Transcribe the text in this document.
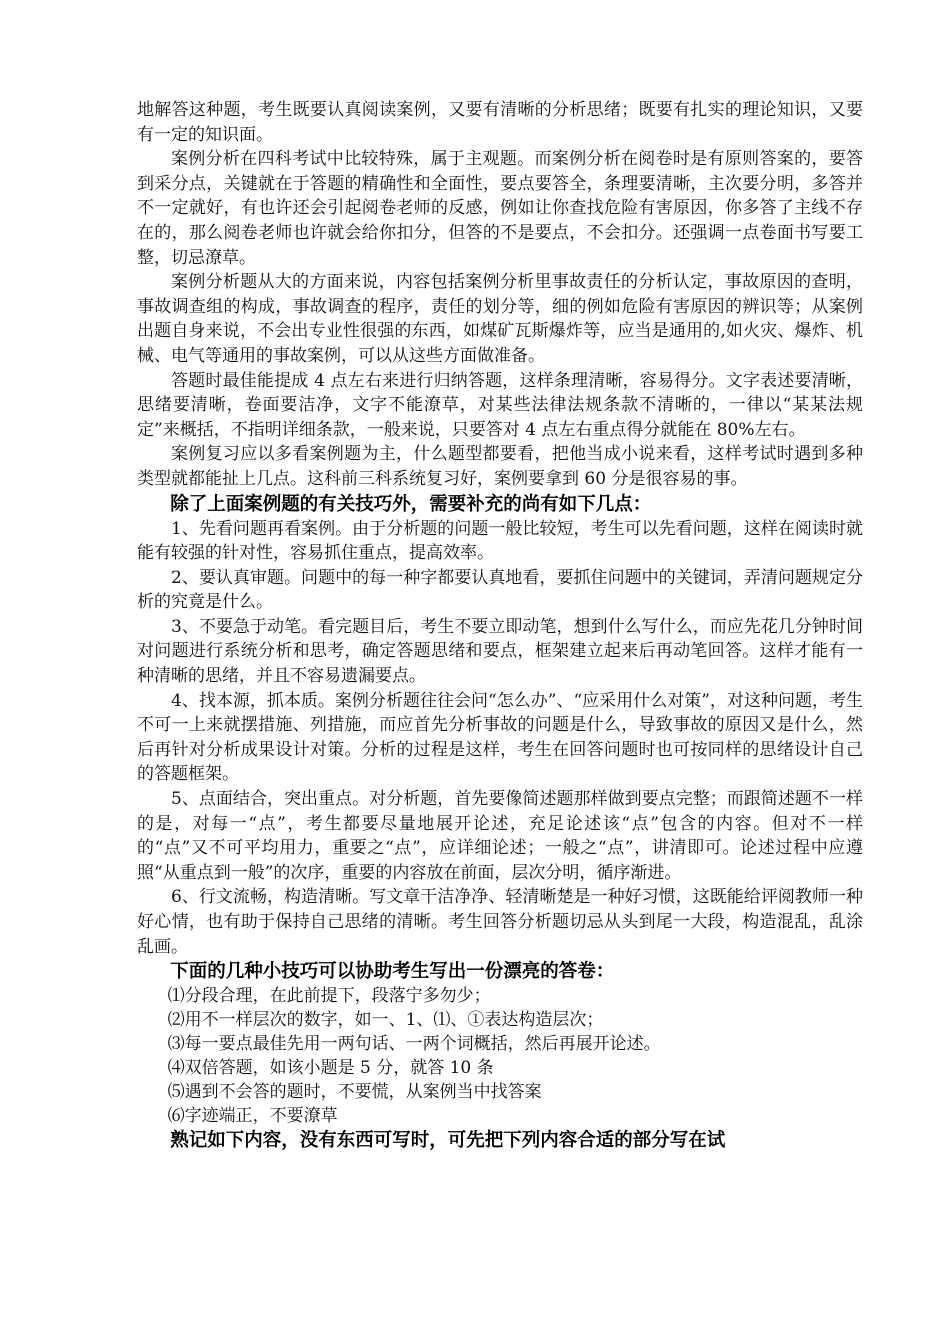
地解答这种题，考生既要认真阅读案例，又要有清晰的分析思绪；既要有扎实的理论知识，又要有一定的知识面。

案例分析在四科考试中比较特殊，属于主观题。而案例分析在阅卷时是有原则答案的，要答到采分点，关键就在于答题的精确性和全面性，要点要答全，条理要清晰，主次要分明，多答并不一定就好，有也许还会引起阅卷老师的反感，例如让你查找危险有害原因，你多答了主线不存在的，那么阅卷老师也许就会给你扣分，但答的不是要点，不会扣分。还强调一点卷面书写要工整，切忌潦草。

案例分析题从大的方面来说，内容包括案例分析里事故责任的分析认定，事故原因的查明，事故调查组的构成，事故调查的程序，责任的划分等，细的例如危险有害原因的辨识等；从案例出题自身来说，不会出专业性很强的东西，如煤矿瓦斯爆炸等，应当是通用的,如火灾、爆炸、机械、电气等通用的事故案例，可以从这些方面做准备。

答题时最佳能提成 4 点左右来进行归纳答题，这样条理清晰，容易得分。文字表述要清晰，思绪要清晰，卷面要洁净，文字不能潦草，对某些法律法规条款不清晰的，一律以“某某法规定”来概括，不指明详细条款，一般来说，只要答对 4 点左右重点得分就能在 80%左右。

案例复习应以多看案例题为主，什么题型都要看，把他当成小说来看，这样考试时遇到多种类型就都能扯上几点。这科前三科系统复习好，案例要拿到 60 分是很容易的事。

除了上面案例题的有关技巧外，需要补充的尚有如下几点：

1、先看问题再看案例。由于分析题的问题一般比较短，考生可以先看问题，这样在阅读时就能有较强的针对性，容易抓住重点，提高效率。

2、要认真审题。问题中的每一种字都要认真地看，要抓住问题中的关键词，弄清问题规定分析的究竟是什么。

3、不要急于动笔。看完题目后，考生不要立即动笔，想到什么写什么，而应先花几分钟时间对问题进行系统分析和思考，确定答题思绪和要点，框架建立起来后再动笔回答。这样才能有一种清晰的思绪，并且不容易遗漏要点。

4、找本源，抓本质。案例分析题往往会问“怎么办”、“应采用什么对策”，对这种问题，考生不可一上来就摆措施、列措施，而应首先分析事故的问题是什么，导致事故的原因又是什么，然后再针对分析成果设计对策。分析的过程是这样，考生在回答问题时也可按同样的思绪设计自己的答题框架。

5、点面结合，突出重点。对分析题，首先要像简述题那样做到要点完整；而跟简述题不一样的是，对每一“点”，考生都要尽量地展开论述，充足论述该“点”包含的内容。但对不一样的“点”又不可平均用力，重要之“点”，应详细论述；一般之“点”，讲清即可。论述过程中应遵照“从重点到一般”的次序，重要的内容放在前面，层次分明，循序渐进。

6、行文流畅，构造清晰。写文章干洁净净、轻清晰楚是一种好习惯，这既能给评阅教师一种好心情，也有助于保持自己思绪的清晰。考生回答分析题切忌从头到尾一大段，构造混乱，乱涂乱画。

下面的几种小技巧可以协助考生写出一份漂亮的答卷：

⑴分段合理，在此前提下，段落宁多勿少；

⑵用不一样层次的数字，如一、1、⑴、①表达构造层次；

⑶每一要点最佳先用一两句话、一两个词概括，然后再展开论述。

⑷双倍答题，如该小题是 5 分，就答 10 条

⑸遇到不会答的题时，不要慌，从案例当中找答案

⑹字迹端正，不要潦草

熟记如下内容，没有东西可写时，可先把下列内容合适的部分写在试
